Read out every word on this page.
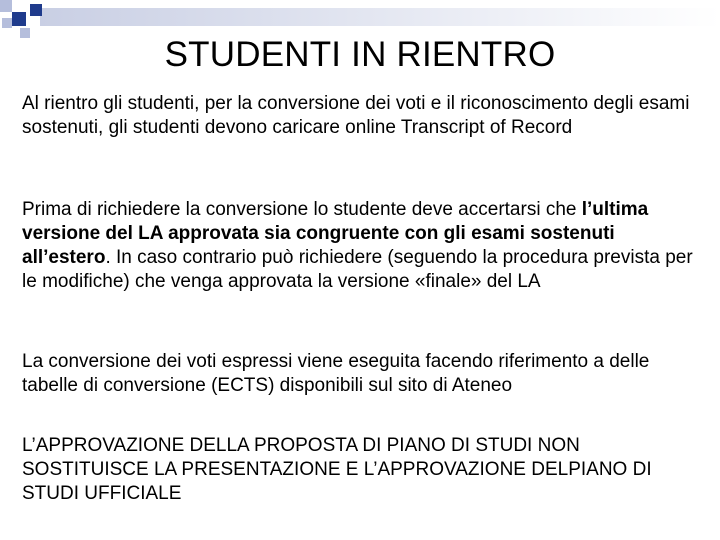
STUDENTI IN RIENTRO
Al rientro gli studenti, per la conversione dei voti e il riconoscimento degli esami sostenuti, gli studenti devono caricare online Transcript of Record
Prima di richiedere la conversione lo studente deve accertarsi che l’ultima versione del LA approvata sia congruente con gli esami sostenuti all’estero. In caso contrario può richiedere (seguendo la procedura prevista per le modifiche) che venga approvata la versione «finale» del LA
La conversione dei voti espressi viene eseguita facendo riferimento a delle tabelle di conversione (ECTS) disponibili sul sito di Ateneo
L’APPROVAZIONE DELLA PROPOSTA DI PIANO DI STUDI NON SOSTITUISCE LA PRESENTAZIONE E L’APPROVAZIONE DELPIANO DI STUDI UFFICIALE
